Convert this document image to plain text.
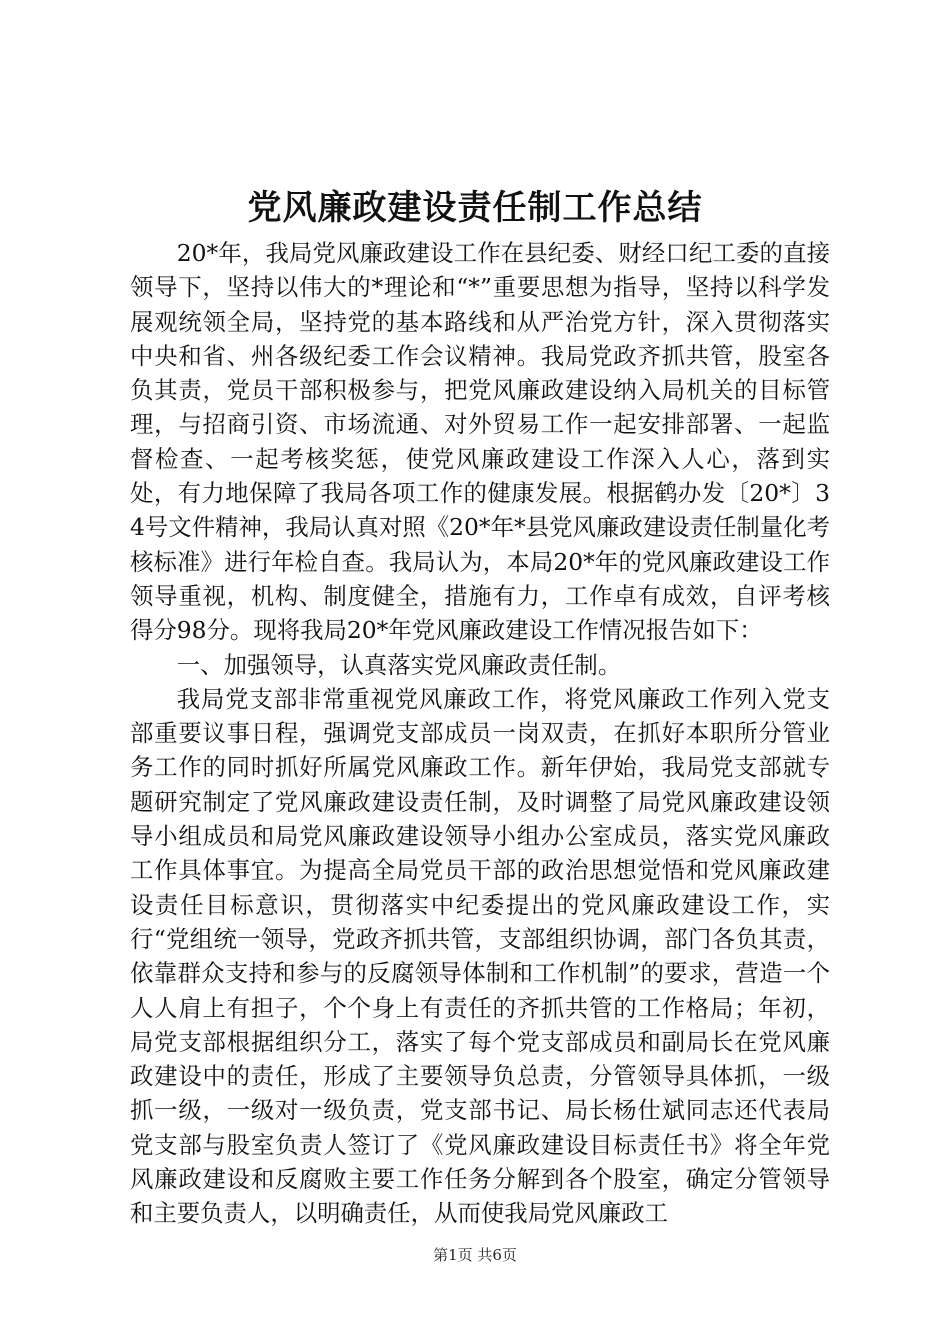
党风廉政建设责任制工作总结

20*年，我局党风廉政建设工作在县纪委、财经口纪工委的直接领导下，坚持以伟大的*理论和“*”重要思想为指导，坚持以科学发展观统领全局，坚持党的基本路线和从严治党方针，深入贯彻落实中央和省、州各级纪委工作会议精神。我局党政齐抓共管，股室各负其责，党员干部积极参与，把党风廉政建设纳入局机关的目标管理，与招商引资、市场流通、对外贸易工作一起安排部署、一起监督检查、一起考核奖惩，使党风廉政建设工作深入人心，落到实处，有力地保障了我局各项工作的健康发展。根据鹤办发〔20*〕34号文件精神，我局认真对照《20*年*县党风廉政建设责任制量化考核标准》进行年检自查。我局认为，本局20*年的党风廉政建设工作领导重视，机构、制度健全，措施有力，工作卓有成效，自评考核得分98分。现将我局20*年党风廉政建设工作情况报告如下：

一、加强领导，认真落实党风廉政责任制。

我局党支部非常重视党风廉政工作，将党风廉政工作列入党支部重要议事日程，强调党支部成员一岗双责，在抓好本职所分管业务工作的同时抓好所属党风廉政工作。新年伊始，我局党支部就专题研究制定了党风廉政建设责任制，及时调整了局党风廉政建设领导小组成员和局党风廉政建设领导小组办公室成员，落实党风廉政工作具体事宜。为提高全局党员干部的政治思想觉悟和党风廉政建设责任目标意识，贯彻落实中纪委提出的党风廉政建设工作，实行“党组统一领导，党政齐抓共管，支部组织协调，部门各负其责，依靠群众支持和参与的反腐领导体制和工作机制”的要求，营造一个人人肩上有担子，个个身上有责任的齐抓共管的工作格局；年初，局党支部根据组织分工，落实了每个党支部成员和副局长在党风廉政建设中的责任，形成了主要领导负总责，分管领导具体抓，一级抓一级，一级对一级负责，党支部书记、局长杨仕斌同志还代表局党支部与股室负责人签订了《党风廉政建设目标责任书》将全年党风廉政建设和反腐败主要工作任务分解到各个股室，确定分管领导和主要负责人，以明确责任，从而使我局党风廉政工

第1页 共6页
